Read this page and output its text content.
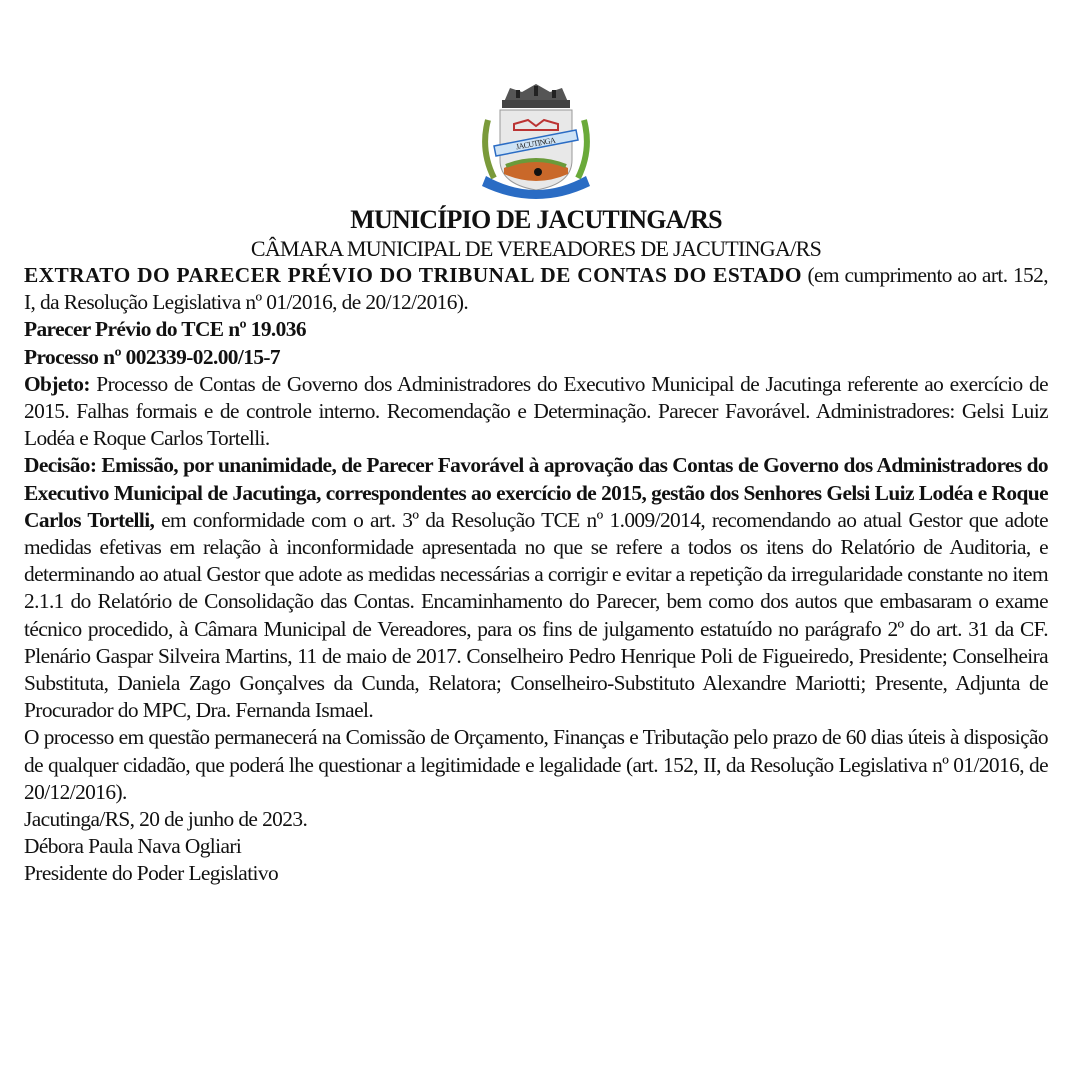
JACUTINGA
MUNICÍPIO DE JACUTINGA/RS
CÂMARA MUNICIPAL DE VEREADORES DE JACUTINGA/RS

EXTRATO DO PARECER PRÉVIO DO TRIBUNAL DE CONTAS DO ESTADO (em cumprimento ao art. 152, I, da Resolução Legislativa nº 01/2016, de 20/12/2016).

Parecer Prévio do TCE nº 19.036

Processo nº 002339-02.00/15-7

Objeto: Processo de Contas de Governo dos Administradores do Executivo Municipal de Jacutinga referente ao exercício de 2015. Falhas formais e de controle interno. Recomendação e Determinação. Parecer Favorável. Administradores: Gelsi Luiz Lodéa e Roque Carlos Tortelli.

Decisão: Emissão, por unanimidade, de Parecer Favorável à aprovação das Contas de Governo dos Administradores do Executivo Municipal de Jacutinga, correspondentes ao exercício de 2015, gestão dos Senhores Gelsi Luiz Lodéa e Roque Carlos Tortelli, em conformidade com o art. 3º da Resolução TCE nº 1.009/2014, recomendando ao atual Gestor que adote medidas efetivas em relação à inconformidade apresentada no que se refere a todos os itens do Relatório de Auditoria, e determinando ao atual Gestor que adote as medidas necessárias a corrigir e evitar a repetição da irregularidade constante no item 2.1.1 do Relatório de Consolidação das Contas. Encaminhamento do Parecer, bem como dos autos que embasaram o exame técnico procedido, à Câmara Municipal de Vereadores, para os fins de julgamento estatuído no parágrafo 2º do art. 31 da CF. Plenário Gaspar Silveira Martins, 11 de maio de 2017. Conselheiro Pedro Henrique Poli de Figueiredo, Presidente; Conselheira Substituta, Daniela Zago Gonçalves da Cunda, Relatora; Conselheiro-Substituto Alexandre Mariotti; Presente, Adjunta de Procurador do MPC, Dra. Fernanda Ismael.

O processo em questão permanecerá na Comissão de Orçamento, Finanças e Tributação pelo prazo de 60 dias úteis à disposição de qualquer cidadão, que poderá lhe questionar a legitimidade e legalidade (art. 152, II, da Resolução Legislativa nº 01/2016, de 20/12/2016).

Jacutinga/RS, 20 de junho de 2023.

Débora Paula Nava Ogliari

Presidente do Poder Legislativo
